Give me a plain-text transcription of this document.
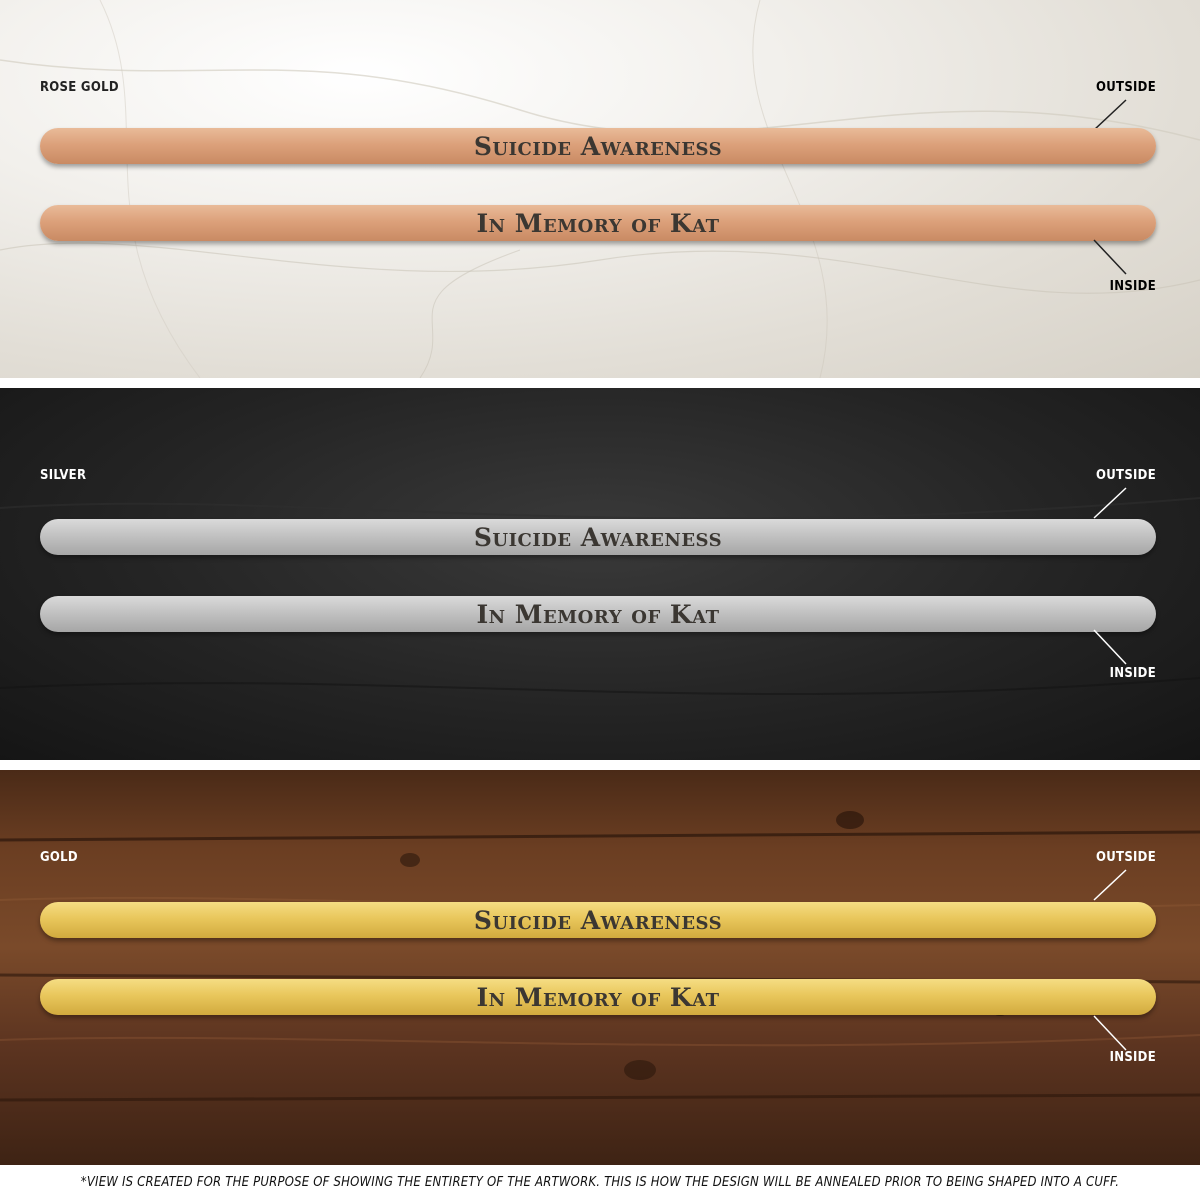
ROSE GOLD	OUTSIDE
Suicide Awareness
In Memory of Kat
INSIDE
SILVER	OUTSIDE
Suicide Awareness
In Memory of Kat
INSIDE
GOLD	OUTSIDE
Suicide Awareness
In Memory of Kat
INSIDE
*VIEW IS CREATED FOR THE PURPOSE OF SHOWING THE ENTIRETY OF THE ARTWORK. THIS IS HOW THE DESIGN WILL BE ANNEALED PRIOR TO BEING SHAPED INTO A CUFF.
